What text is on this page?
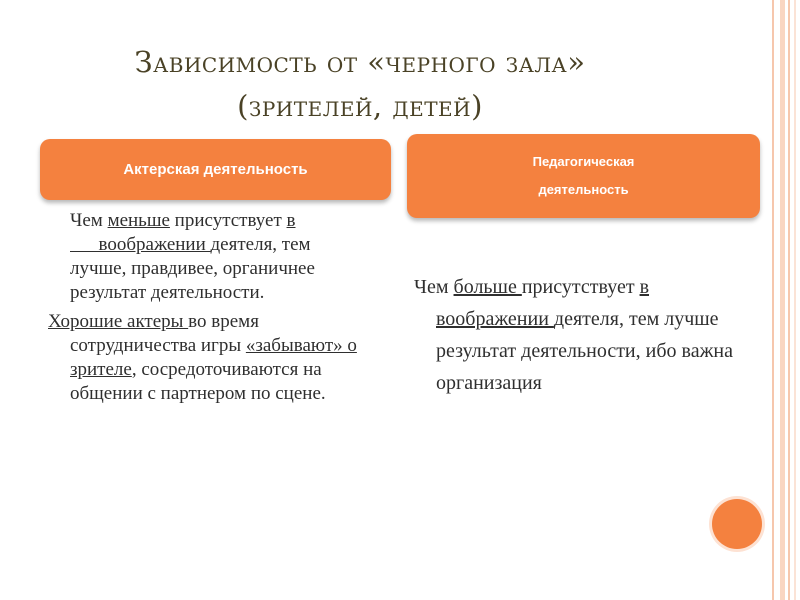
Зависимость от «черного зала»
(зрителей, детей)
Актерская деятельность	Педагогическая
деятельность

Чем меньше присутствует в      воображении деятеля, тем лучше, правдивее, органичнее результат деятельности.

Хорошие актеры во время сотрудничества игры «забывают» о зрителе, сосредоточиваются на общении с партнером по сцене.

Чем больше присутствует в воображении деятеля, тем лучше результат деятельности, ибо важна организация
